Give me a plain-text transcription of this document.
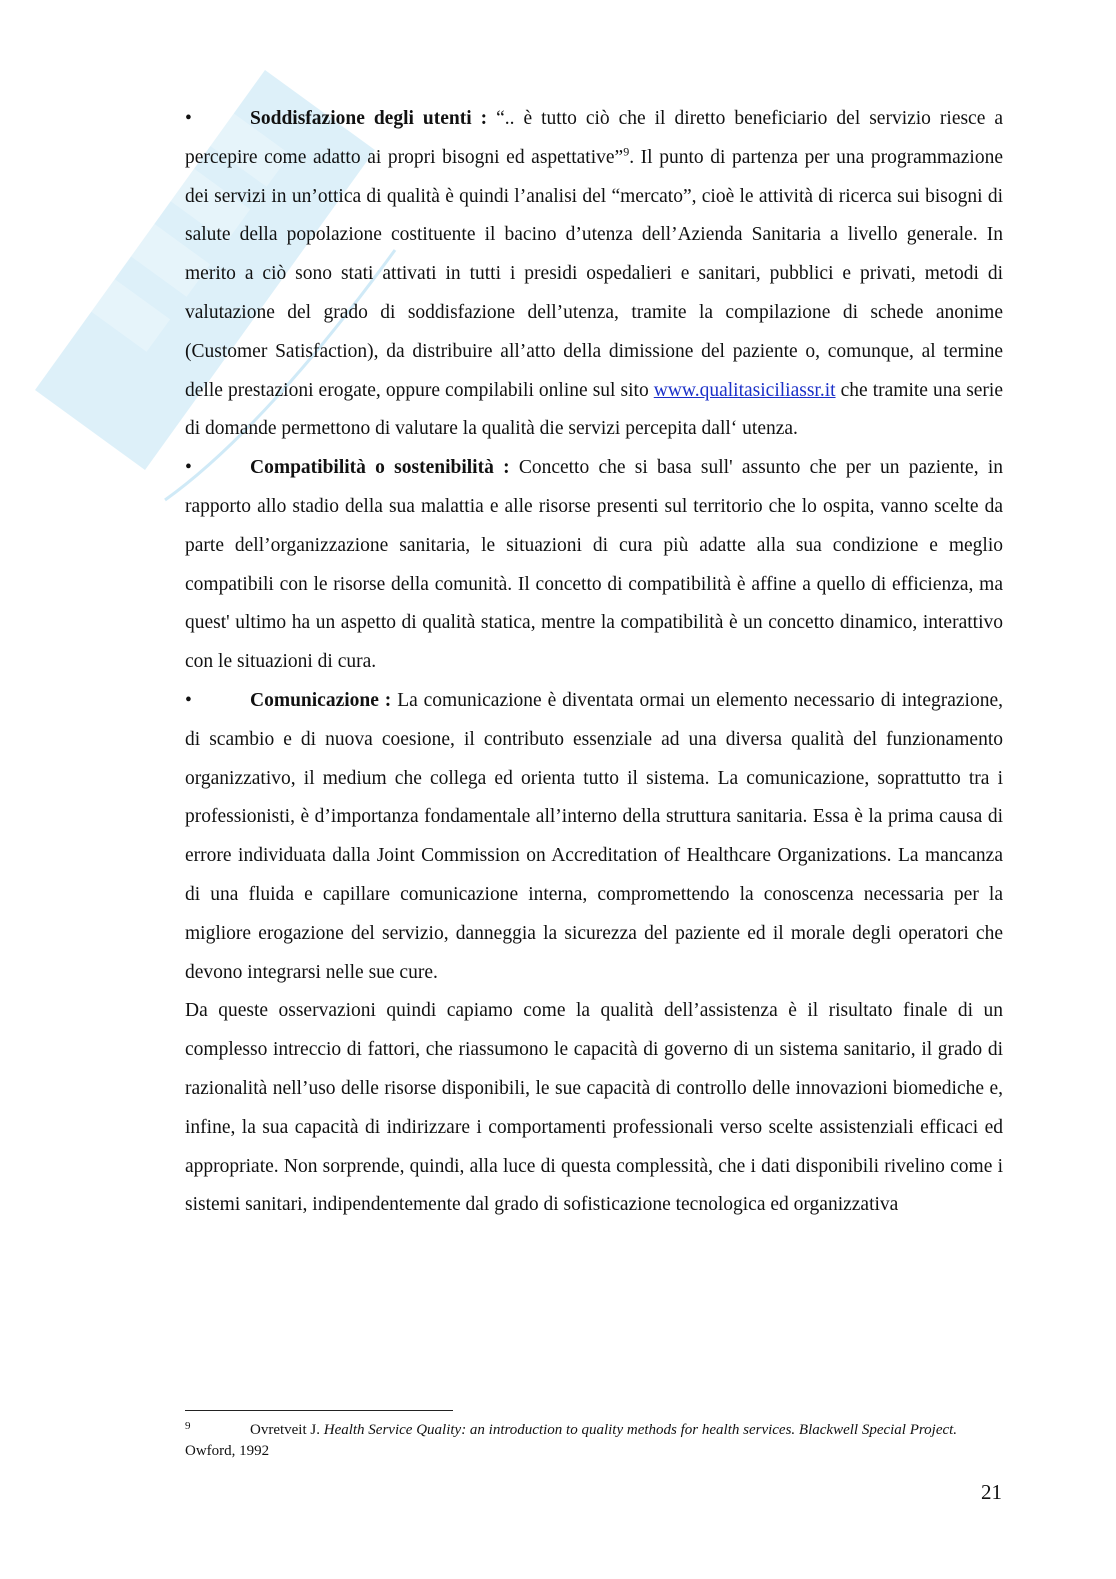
•	Soddisfazione degli utenti : “.. è tutto ciò che il diretto beneficiario del servizio riesce a percepire come adatto ai propri bisogni ed aspettative”$^9$. Il punto di partenza per una programmazione dei servizi in un’ottica di qualità è quindi l’analisi del “mercato”, cioè le attività di ricerca sui bisogni di salute della popolazione costituente il bacino d’utenza dell’Azienda Sanitaria a livello generale. In merito a ciò sono stati attivati in tutti i presidi ospedalieri e sanitari, pubblici e privati, metodi di valutazione del grado di soddisfazione dell’utenza, tramite la compilazione di schede anonime (Customer Satisfaction), da distribuire all’atto della dimissione del paziente o, comunque, al termine delle prestazioni erogate, oppure compilabili online sul sito www.qualitasiciliassr.it che tramite una serie di domande permettono di valutare la qualità die servizi percepita dall‘ utenza.

•	Compatibilità o sostenibilità : Concetto che si basa sull' assunto che per un paziente, in rapporto allo stadio della sua malattia e alle risorse presenti sul territorio che lo ospita, vanno scelte da parte dell’organizzazione sanitaria, le situazioni di cura più adatte alla sua condizione e meglio compatibili con le risorse della comunità. Il concetto di compatibilità è affine a quello di efficienza, ma quest' ultimo ha un aspetto di qualità statica, mentre la compatibilità è un concetto dinamico, interattivo con le situazioni di cura.

•	Comunicazione : La comunicazione è diventata ormai un elemento necessario di integrazione, di scambio e di nuova coesione, il contributo essenziale ad una diversa qualità del funzionamento organizzativo, il medium che collega ed orienta tutto il sistema. La comunicazione, soprattutto tra i professionisti, è d’importanza fondamentale all’interno della struttura sanitaria. Essa è la prima causa di errore individuata dalla Joint Commission on Accreditation of Healthcare Organizations. La mancanza di una fluida e capillare comunicazione interna, compromettendo la conoscenza necessaria per la migliore erogazione del servizio, danneggia la sicurezza del paziente ed il morale degli operatori che devono integrarsi nelle sue cure.

Da queste osservazioni quindi capiamo come la qualità dell’assistenza è il risultato finale di un complesso intreccio di fattori, che riassumono le capacità di governo di un sistema sanitario, il grado di razionalità nell’uso delle risorse disponibili, le sue capacità di controllo delle innovazioni biomediche e, infine, la sua capacità di indirizzare i comportamenti professionali verso scelte assistenziali efficaci ed appropriate. Non sorprende, quindi, alla luce di questa complessità, che i dati disponibili rivelino come i sistemi sanitari, indipendentemente dal grado di sofisticazione tecnologica ed organizzativa

9	Ovretveit J. Health Service Quality: an introduction to quality methods for health services. Blackwell Special Project. Owford, 1992
21
